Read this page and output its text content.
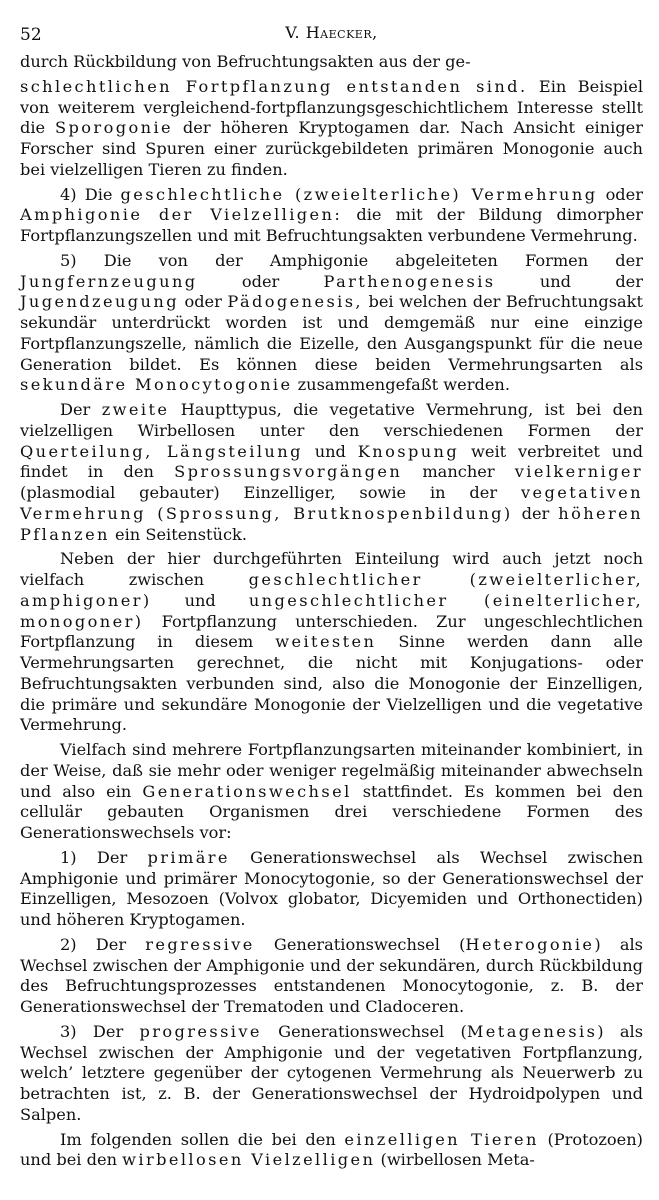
52	V. Haecker,

durch Rückbildung von Befruchtungsakten aus der ge-

schlechtlichen Fortpflanzung entstanden sind. Ein Beispiel von weiterem vergleichend-fortpflanzungsgeschichtlichem Interesse stellt die Sporogonie der höheren Kryptogamen dar. Nach Ansicht einiger Forscher sind Spuren einer zurückgebildeten primären Monogonie auch bei vielzelligen Tieren zu finden.

4) Die geschlechtliche (zweielterliche) Vermehrung oder Amphigonie der Vielzelligen: die mit der Bildung dimorpher Fortpflanzungszellen und mit Befruchtungsakten verbundene Vermehrung.

5) Die von der Amphigonie abgeleiteten Formen der Jungfernzeugung oder Parthenogenesis und der Jugendzeugung oder Pädogenesis, bei welchen der Befruchtungsakt sekundär unterdrückt worden ist und demgemäß nur eine einzige Fortpflanzungszelle, nämlich die Eizelle, den Ausgangspunkt für die neue Generation bildet. Es können diese beiden Vermehrungsarten als sekundäre Monocytogonie zusammengefaßt werden.

Der zweite Haupttypus, die vegetative Vermehrung, ist bei den vielzelligen Wirbellosen unter den verschiedenen Formen der Querteilung, Längsteilung und Knospung weit verbreitet und findet in den Sprossungsvorgängen mancher vielkerniger (plasmodial gebauter) Einzelliger, sowie in der vegetativen Vermehrung (Sprossung, Brutknospenbildung) der höheren Pflanzen ein Seitenstück.

Neben der hier durchgeführten Einteilung wird auch jetzt noch vielfach zwischen geschlechtlicher (zweielterlicher, amphigoner) und ungeschlechtlicher (einelterlicher, monogoner) Fortpflanzung unterschieden. Zur ungeschlechtlichen Fortpflanzung in diesem weitesten Sinne werden dann alle Vermehrungsarten gerechnet, die nicht mit Konjugations- oder Befruchtungsakten verbunden sind, also die Monogonie der Einzelligen, die primäre und sekundäre Monogonie der Vielzelligen und die vegetative Vermehrung.

Vielfach sind mehrere Fortpflanzungsarten miteinander kombiniert, in der Weise, daß sie mehr oder weniger regelmäßig miteinander abwechseln und also ein Generationswechsel stattfindet. Es kommen bei den cellulär gebauten Organismen drei verschiedene Formen des Generationswechsels vor:

1) Der primäre Generationswechsel als Wechsel zwischen Amphigonie und primärer Monocytogonie, so der Generationswechsel der Einzelligen, Mesozoen (Volvox globator, Dicyemiden und Orthonectiden) und höheren Kryptogamen.

2) Der regressive Generationswechsel (Heterogonie) als Wechsel zwischen der Amphigonie und der sekundären, durch Rückbildung des Befruchtungsprozesses entstandenen Monocytogonie, z. B. der Generationswechsel der Trematoden und Cladoceren.

3) Der progressive Generationswechsel (Metagenesis) als Wechsel zwischen der Amphigonie und der vegetativen Fortpflanzung, welch’ letztere gegenüber der cytogenen Vermehrung als Neuerwerb zu betrachten ist, z. B. der Generationswechsel der Hydroidpolypen und Salpen.

Im folgenden sollen die bei den einzelligen Tieren (Protozoen) und bei den wirbellosen Vielzelligen (wirbellosen Meta-
